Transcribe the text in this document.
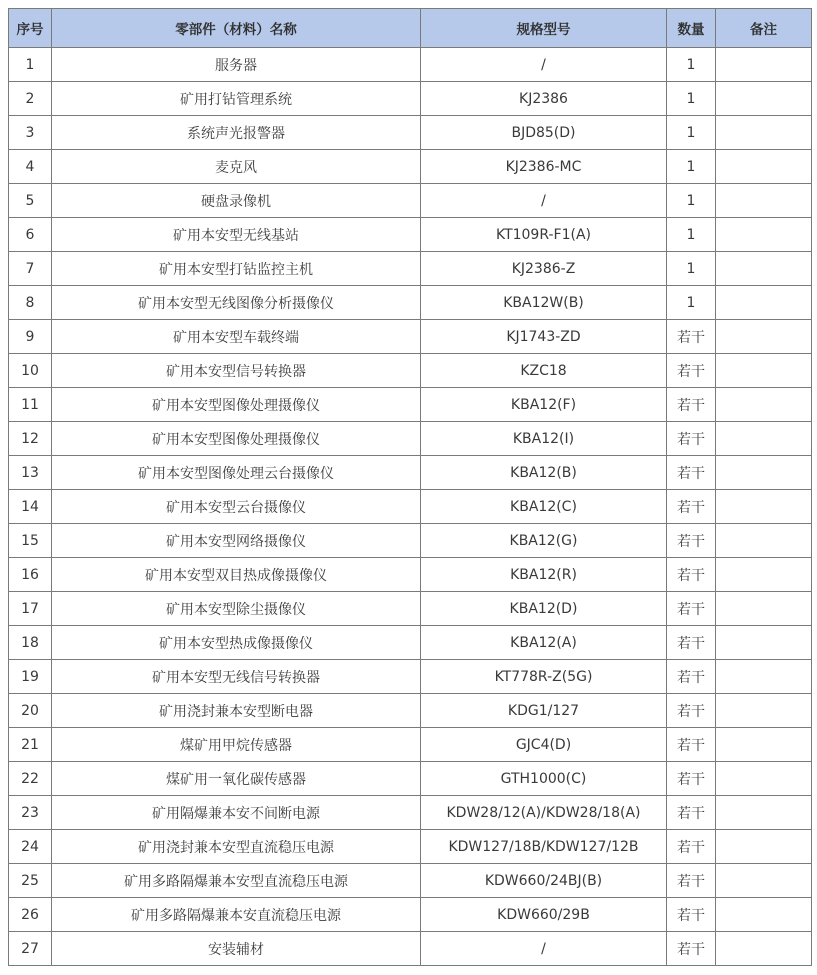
序号	零部件（材料）名称	规格型号	数量	备注
1	服务器	/	1	
2	矿用打钻管理系统	KJ2386	1	
3	系统声光报警器	BJD85(D)	1	
4	麦克风	KJ2386-MC	1	
5	硬盘录像机	/	1	
6	矿用本安型无线基站	KT109R-F1(A)	1	
7	矿用本安型打钻监控主机	KJ2386-Z	1	
8	矿用本安型无线图像分析摄像仪	KBA12W(B)	1	
9	矿用本安型车载终端	KJ1743-ZD	若干	
10	矿用本安型信号转换器	KZC18	若干	
11	矿用本安型图像处理摄像仪	KBA12(F)	若干	
12	矿用本安型图像处理摄像仪	KBA12(I)	若干	
13	矿用本安型图像处理云台摄像仪	KBA12(B)	若干	
14	矿用本安型云台摄像仪	KBA12(C)	若干	
15	矿用本安型网络摄像仪	KBA12(G)	若干	
16	矿用本安型双目热成像摄像仪	KBA12(R)	若干	
17	矿用本安型除尘摄像仪	KBA12(D)	若干	
18	矿用本安型热成像摄像仪	KBA12(A)	若干	
19	矿用本安型无线信号转换器	KT778R-Z(5G)	若干	
20	矿用浇封兼本安型断电器	KDG1/127	若干	
21	煤矿用甲烷传感器	GJC4(D)	若干	
22	煤矿用一氧化碳传感器	GTH1000(C)	若干	
23	矿用隔爆兼本安不间断电源	KDW28/12(A)/KDW28/18(A)	若干	
24	矿用浇封兼本安型直流稳压电源	KDW127/18B/KDW127/12B	若干	
25	矿用多路隔爆兼本安型直流稳压电源	KDW660/24BJ(B)	若干	
26	矿用多路隔爆兼本安直流稳压电源	KDW660/29B	若干	
27	安装辅材	/	若干	
